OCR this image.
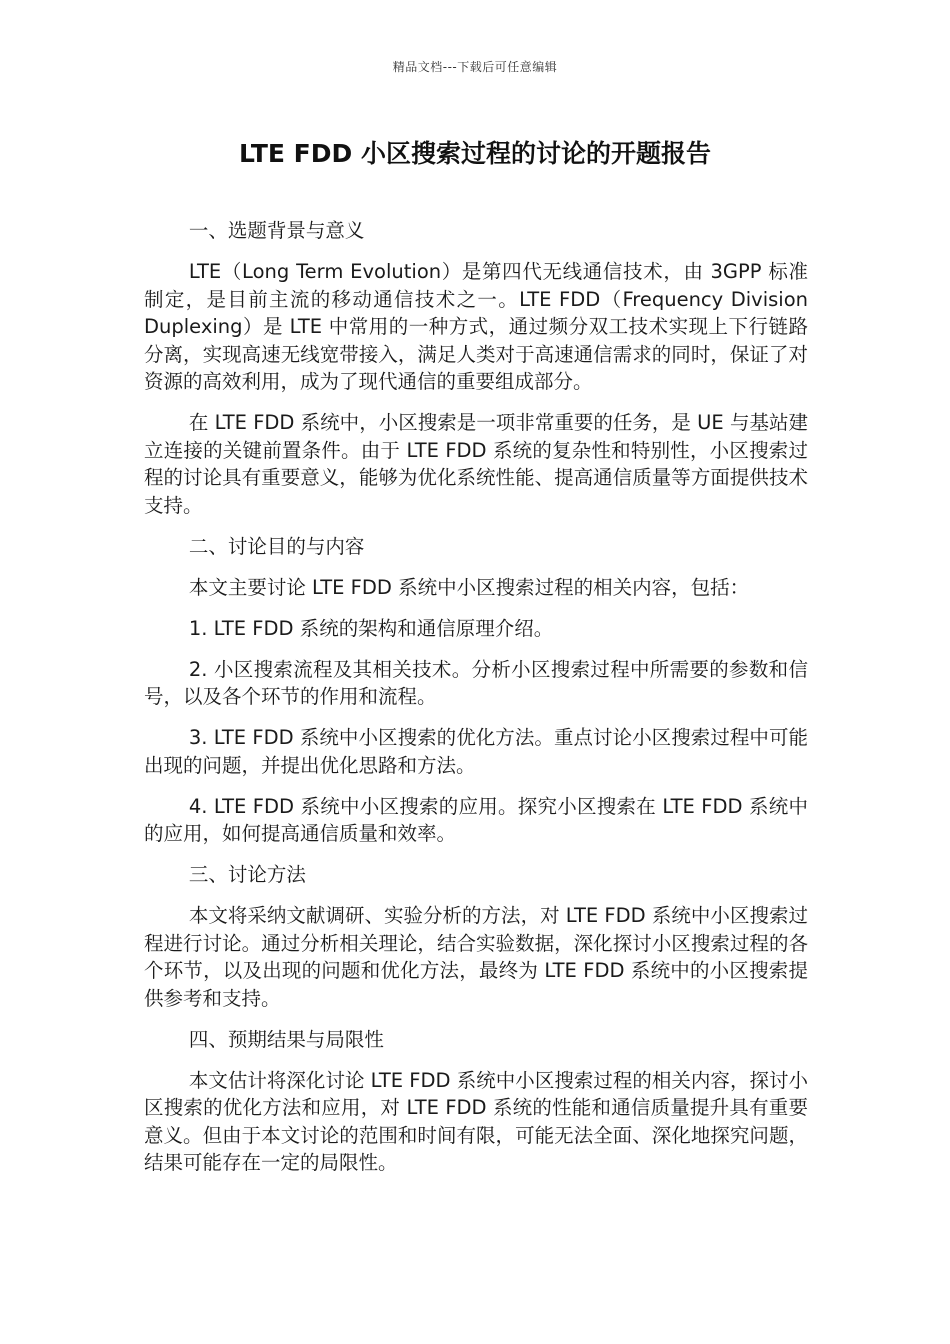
精品文档---下载后可任意编辑
LTE FDD 小区搜索过程的讨论的开题报告

一、选题背景与意义

LTE（Long Term Evolution）是第四代无线通信技术，由 3GPP 标准制定，是目前主流的移动通信技术之一。LTE FDD（Frequency Division Duplexing）是 LTE 中常用的一种方式，通过频分双工技术实现上下行链路分离，实现高速无线宽带接入，满足人类对于高速通信需求的同时，保证了对资源的高效利用，成为了现代通信的重要组成部分。

在 LTE FDD 系统中，小区搜索是一项非常重要的任务，是 UE 与基站建立连接的关键前置条件。由于 LTE FDD 系统的复杂性和特别性，小区搜索过程的讨论具有重要意义，能够为优化系统性能、提高通信质量等方面提供技术支持。

二、讨论目的与内容

本文主要讨论 LTE FDD 系统中小区搜索过程的相关内容，包括：

1. LTE FDD 系统的架构和通信原理介绍。

2. 小区搜索流程及其相关技术。分析小区搜索过程中所需要的参数和信号，以及各个环节的作用和流程。

3. LTE FDD 系统中小区搜索的优化方法。重点讨论小区搜索过程中可能出现的问题，并提出优化思路和方法。

4. LTE FDD 系统中小区搜索的应用。探究小区搜索在 LTE FDD 系统中的应用，如何提高通信质量和效率。

三、讨论方法

本文将采纳文献调研、实验分析的方法，对 LTE FDD 系统中小区搜索过程进行讨论。通过分析相关理论，结合实验数据，深化探讨小区搜索过程的各个环节，以及出现的问题和优化方法，最终为 LTE FDD 系统中的小区搜索提供参考和支持。

四、预期结果与局限性

本文估计将深化讨论 LTE FDD 系统中小区搜索过程的相关内容，探讨小区搜索的优化方法和应用，对 LTE FDD 系统的性能和通信质量提升具有重要意义。但由于本文讨论的范围和时间有限，可能无法全面、深化地探究问题，结果可能存在一定的局限性。
